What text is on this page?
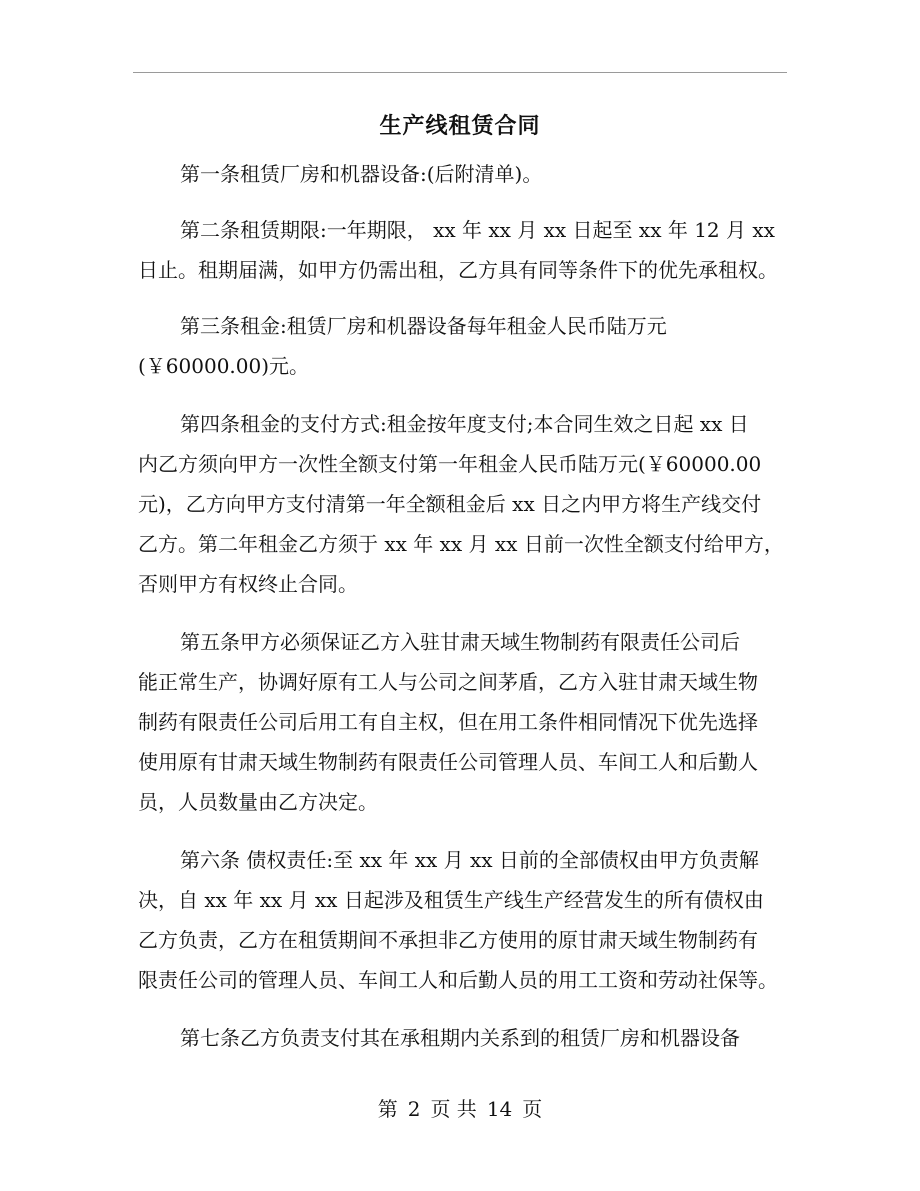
生产线租赁合同
第一条租赁厂房和机器设备:(后附清单)。
第二条租赁期限:一年期限， xx 年 xx 月 xx 日起至 xx 年 12 月 xx
日止。租期届满，如甲方仍需出租，乙方具有同等条件下的优先承租权。
第三条租金:租赁厂房和机器设备每年租金人民币陆万元
(￥60000.00)元。
第四条租金的支付方式:租金按年度支付;本合同生效之日起 xx 日
内乙方须向甲方一次性全额支付第一年租金人民币陆万元(￥60000.00
元)，乙方向甲方支付清第一年全额租金后 xx 日之内甲方将生产线交付
乙方。第二年租金乙方须于 xx 年 xx 月 xx 日前一次性全额支付给甲方，
否则甲方有权终止合同。
第五条甲方必须保证乙方入驻甘肃天域生物制药有限责任公司后
能正常生产，协调好原有工人与公司之间茅盾，乙方入驻甘肃天域生物
制药有限责任公司后用工有自主权，但在用工条件相同情况下优先选择
使用原有甘肃天域生物制药有限责任公司管理人员、车间工人和后勤人
员，人员数量由乙方决定。
第六条 债权责任:至 xx 年 xx 月 xx 日前的全部债权由甲方负责解
决，自 xx 年 xx 月 xx 日起涉及租赁生产线生产经营发生的所有债权由
乙方负责，乙方在租赁期间不承担非乙方使用的原甘肃天域生物制药有
限责任公司的管理人员、车间工人和后勤人员的用工工资和劳动社保等。
第七条乙方负责支付其在承租期内关系到的租赁厂房和机器设备
第 2 页 共 14 页
